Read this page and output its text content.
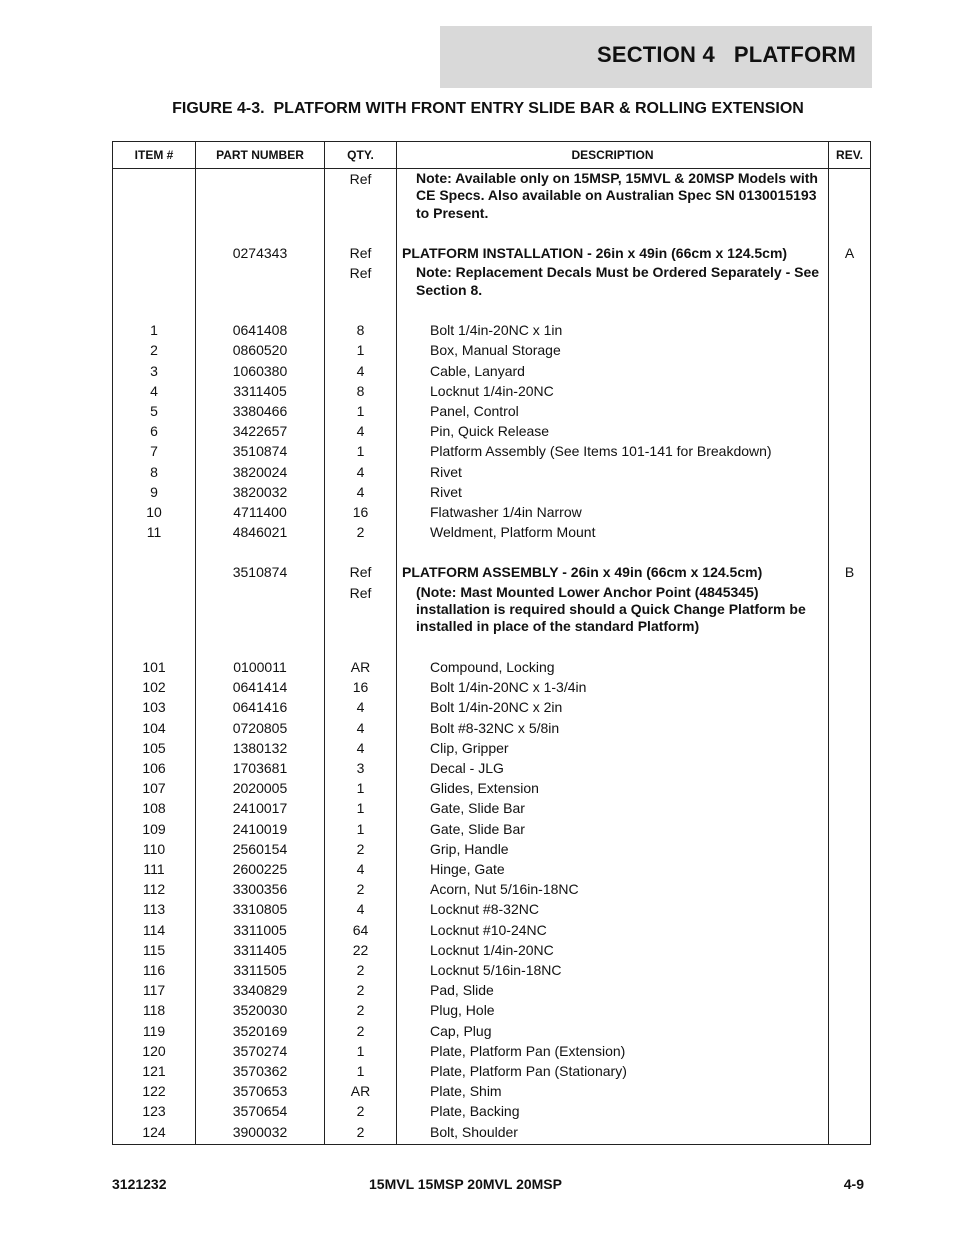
SECTION 4   PLATFORM
FIGURE 4-3.  PLATFORM WITH FRONT ENTRY SLIDE BAR & ROLLING EXTENSION
ITEM #	PART NUMBER	QTY.	DESCRIPTION	REV.
		Ref	Note: Available only on 15MSP, 15MVL & 20MSP Models with CE Specs. Also available on Australian Spec SN 0130015193 to Present.	

	0274343	Ref	PLATFORM INSTALLATION - 26in x 49in (66cm x 124.5cm)	A
		Ref	Note: Replacement Decals Must be Ordered Separately - See Section 8.	

1	0641408	8	Bolt 1/4in-20NC x 1in	

2	0860520	1	Box, Manual Storage	

3	1060380	4	Cable, Lanyard	

4	3311405	8	Locknut 1/4in-20NC	

5	3380466	1	Panel, Control	

6	3422657	4	Pin, Quick Release	

7	3510874	1	Platform Assembly (See Items 101-141 for Breakdown)	

8	3820024	4	Rivet	

9	3820032	4	Rivet	

10	4711400	16	Flatwasher 1/4in Narrow	

11	4846021	2	Weldment, Platform Mount	

	3510874	Ref	PLATFORM ASSEMBLY - 26in x 49in (66cm x 124.5cm)	B
		Ref	(Note: Mast Mounted Lower Anchor Point (4845345) installation is required should a Quick Change Platform be installed in place of the standard Platform)	

101	0100011	AR	Compound, Locking	

102	0641414	16	Bolt 1/4in-20NC x 1-3/4in	

103	0641416	4	Bolt 1/4in-20NC x 2in	

104	0720805	4	Bolt #8-32NC x 5/8in	

105	1380132	4	Clip, Gripper	

106	1703681	3	Decal - JLG	

107	2020005	1	Glides, Extension	

108	2410017	1	Gate, Slide Bar	

109	2410019	1	Gate, Slide Bar	

110	2560154	2	Grip, Handle	

111	2600225	4	Hinge, Gate	

112	3300356	2	Acorn, Nut 5/16in-18NC	

113	3310805	4	Locknut #8-32NC	

114	3311005	64	Locknut #10-24NC	

115	3311405	22	Locknut 1/4in-20NC	

116	3311505	2	Locknut 5/16in-18NC	

117	3340829	2	Pad, Slide	

118	3520030	2	Plug, Hole	

119	3520169	2	Cap, Plug	

120	3570274	1	Plate, Platform Pan (Extension)	

121	3570362	1	Plate, Platform Pan (Stationary)	

122	3570653	AR	Plate, Shim	

123	3570654	2	Plate, Backing	

124	3900032	2	Bolt, Shoulder	

3121232	15MVL 15MSP 20MVL 20MSP	4-9
